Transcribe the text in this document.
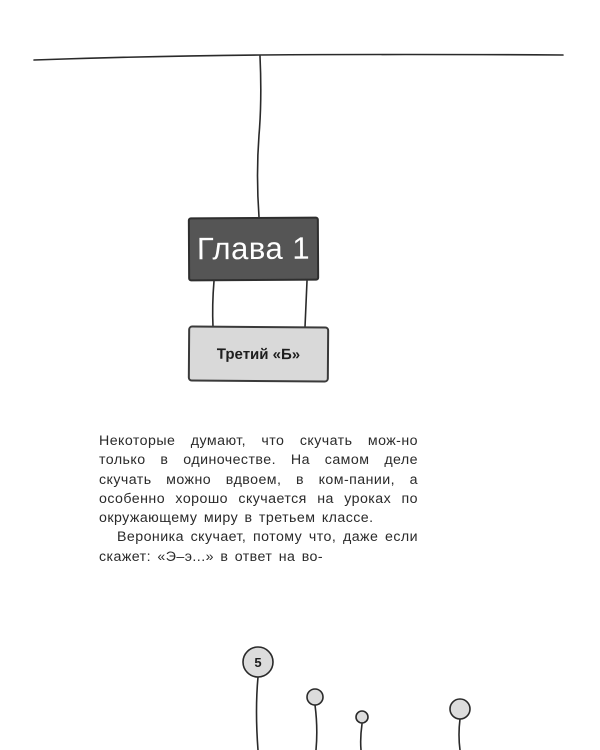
Глава 1
Третий «Б»

Некоторые думают, что скучать мож-но только в одиночестве. На самом деле скучать можно вдвоем, в ком-пании, а особенно хорошо скучается на уроках по окружающему миру в третьем классе.

Вероника скучает, потому что, даже если скажет: «Э–э...» в ответ на во-

5
